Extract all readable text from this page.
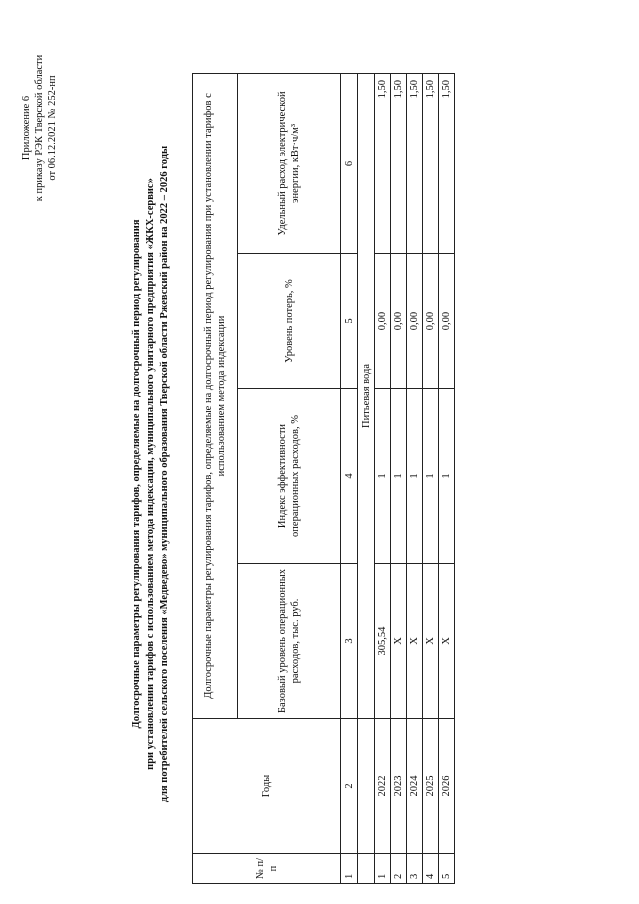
Приложение 6 к приказу РЭК Тверской области от 06.12.2021 № 252-нп
Долгосрочные параметры регулирования тарифов, определяемые на долгосрочный период регулирования при установлении тарифов с использованием метода индексации, муниципального унитарного предприятия «ЖКХ-сервис» для потребителей сельского поселения «Медведево» муниципального образования Тверской области Ржевский район на 2022 – 2026 годы
№ п/п	Годы	Долгосрочные параметры регулирования тарифов, определяемые на долгосрочный период регулирования при установлении тарифов с использованием метода индексации			
		Базовый уровень операционных расходов, тыс. руб.	Индекс эффективности операционных расходов, %	Уровень потерь, %	Удельный расход электрической энергии, кВт·ч/м³
1	2	3	4	5	6
		Питьевая вода			
1	2022	305,54	1	0,00	1,50
2	2023	X	1	0,00	1,50
3	2024	X	1	0,00	1,50
4	2025	X	1	0,00	1,50
5	2026	X	1	0,00	1,50
